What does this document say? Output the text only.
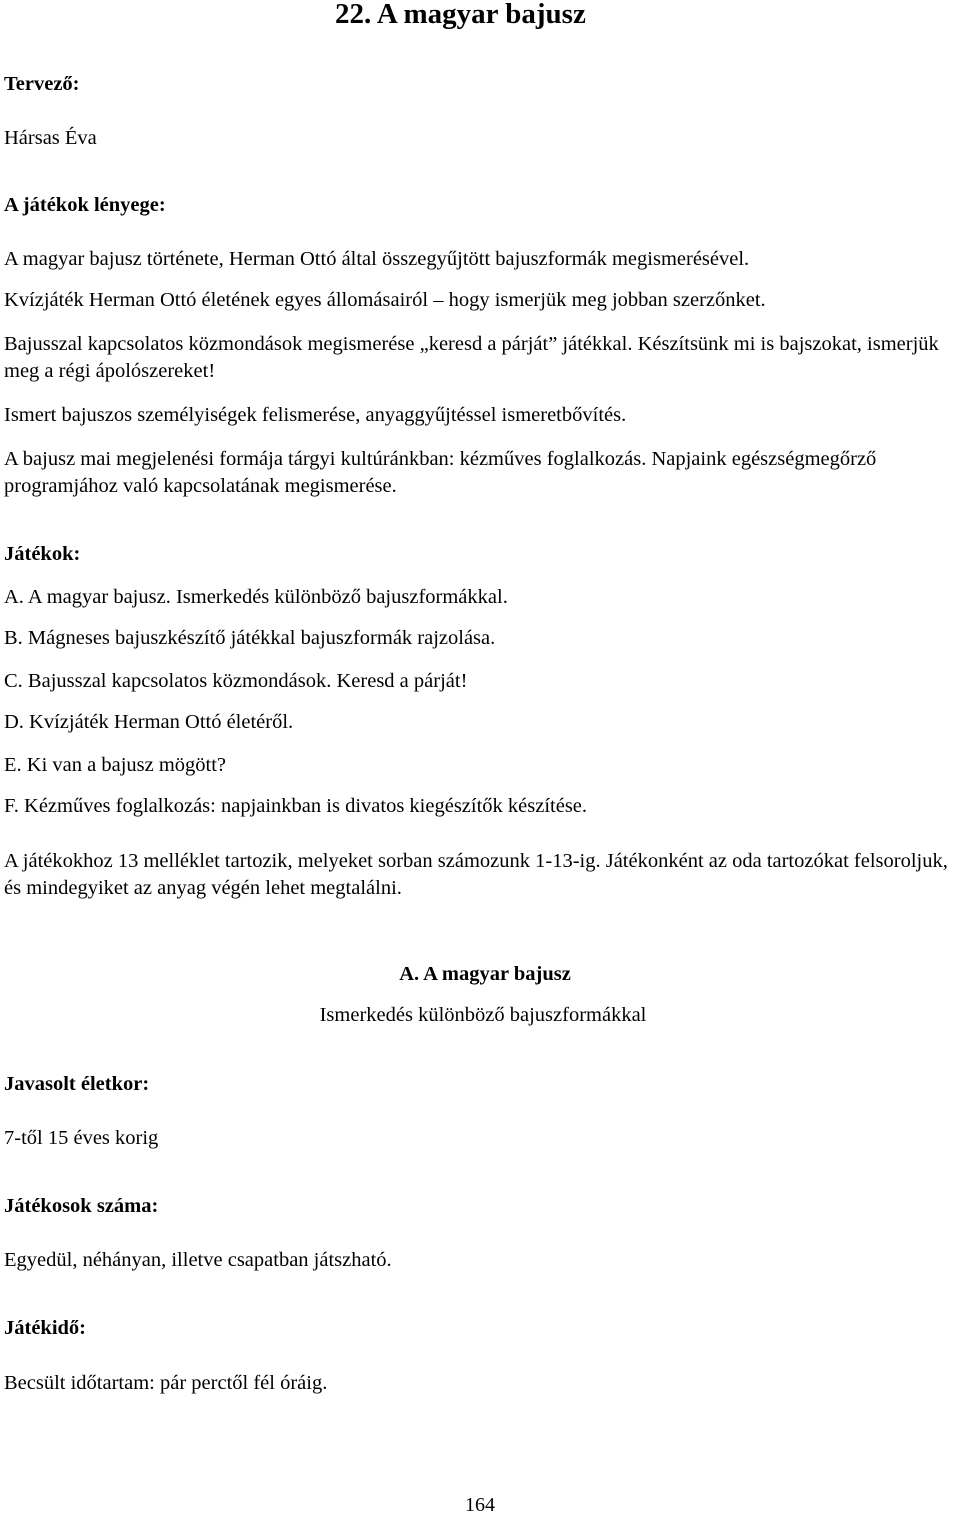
22. A magyar bajusz
Tervező:
Hársas Éva
A játékok lényege:
A magyar bajusz története, Herman Ottó által összegyűjtött bajuszformák megismerésével.
Kvízjáték Herman Ottó életének egyes állomásairól – hogy ismerjük meg jobban szerzőnket.
Bajusszal kapcsolatos közmondások megismerése „keresd a párját” játékkal. Készítsünk mi is bajszokat, ismerjük meg a régi ápolószereket!
Ismert bajuszos személyiségek felismerése, anyaggyűjtéssel ismeretbővítés.
A bajusz mai megjelenési formája tárgyi kultúránkban: kézműves foglalkozás. Napjaink egészségmegőrző programjához való kapcsolatának megismerése.
Játékok:
A. A magyar bajusz. Ismerkedés különböző bajuszformákkal.
B. Mágneses bajuszkészítő játékkal bajuszformák rajzolása.
C. Bajusszal kapcsolatos közmondások. Keresd a párját!
D. Kvízjáték Herman Ottó életéről.
E. Ki van a bajusz mögött?
F. Kézműves foglalkozás: napjainkban is divatos kiegészítők készítése.
A játékokhoz 13 melléklet tartozik, melyeket sorban számozunk 1-13-ig. Játékonként az oda tartozókat felsoroljuk, és mindegyiket az anyag végén lehet megtalálni.
A. A magyar bajusz
Ismerkedés különböző bajuszformákkal
Javasolt életkor:
7-től 15 éves korig
Játékosok száma:
Egyedül, néhányan, illetve csapatban játszható.
Játékidő:
Becsült időtartam: pár perctől fél óráig.
164
